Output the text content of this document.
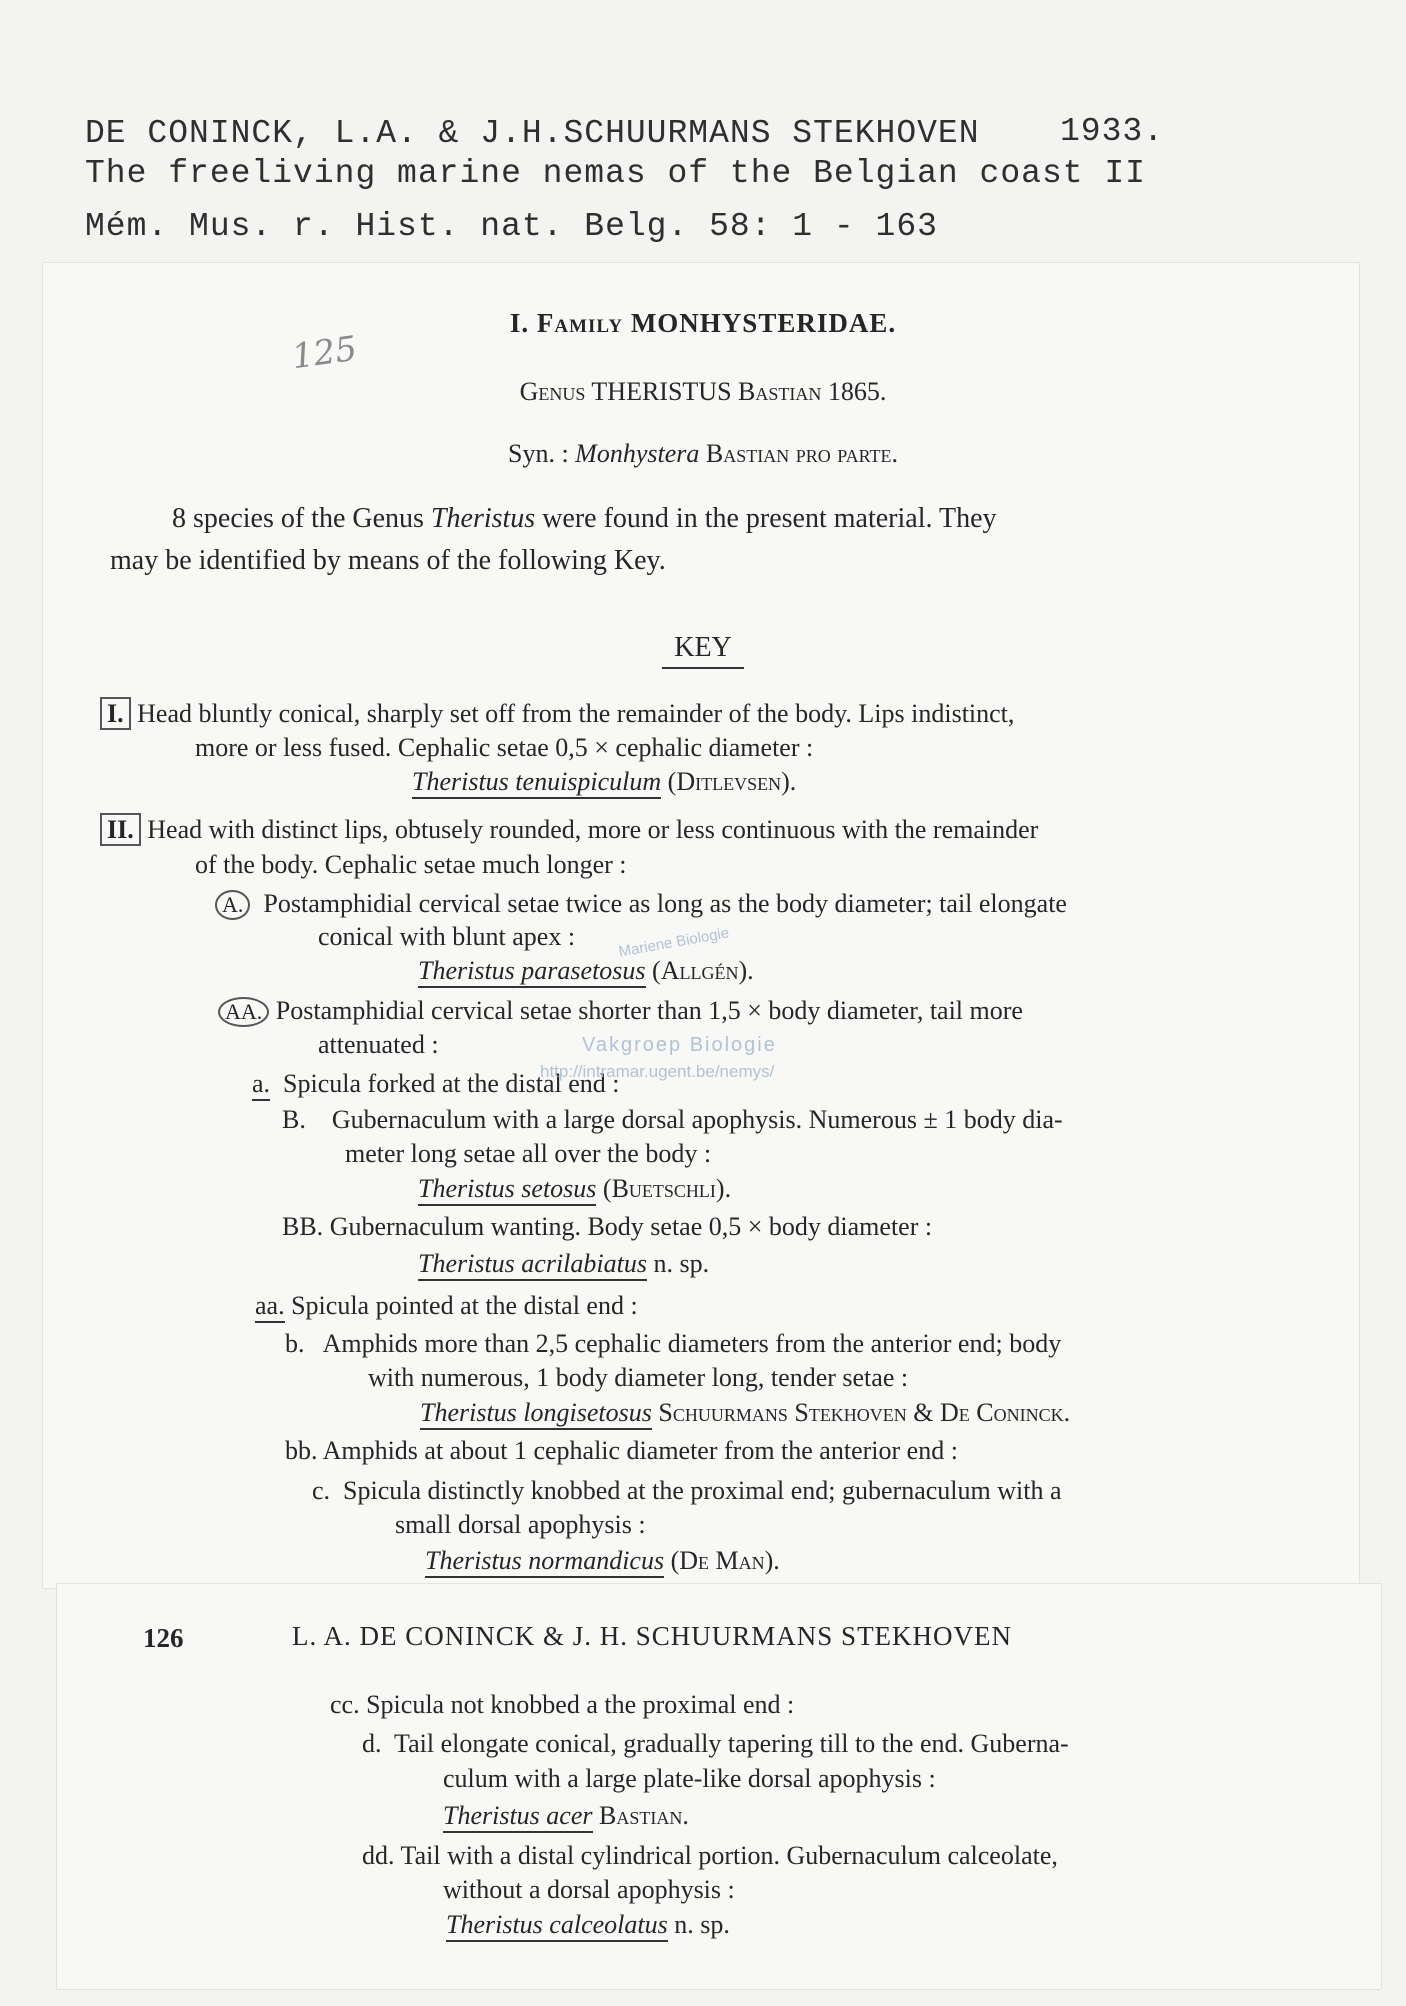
DE CONINCK, L.A. & J.H.SCHUURMANS STEKHOVEN 1933.
The freeliving marine nemas of the Belgian coast II
Mém. Mus. r. Hist. nat. Belg. 58: 1 - 163
125
I. Family MONHYSTERIDAE.
Genus THERISTUS Bastian 1865.
Syn. : Monhystera Bastian pro parte.
8 species of the Genus Theristus were found in the present material. They
may be identified by means of the following Key.
KEY
I. Head bluntly conical, sharply set off from the remainder of the body. Lips indistinct,
more or less fused. Cephalic setae 0,5 × cephalic diameter :
Theristus tenuispiculum (Ditlevsen).
II. Head with distinct lips, obtusely rounded, more or less continuous with the remainder
of the body. Cephalic setae much longer :
A. Postamphidial cervical setae twice as long as the body diameter; tail elongate
conical with blunt apex :
Theristus parasetosus (Allgén).
AA. Postamphidial cervical setae shorter than 1,5 × body diameter, tail more
attenuated :
a. Spicula forked at the distal end :
B. Gubernaculum with a large dorsal apophysis. Numerous ± 1 body dia-
meter long setae all over the body :
Theristus setosus (Buetschli).
BB. Gubernaculum wanting. Body setae 0,5 × body diameter :
Theristus acrilabiatus n. sp.
aa. Spicula pointed at the distal end :
b. Amphids more than 2,5 cephalic diameters from the anterior end; body
with numerous, 1 body diameter long, tender setae :
Theristus longisetosus Schuurmans Stekhoven & De Coninck.
bb. Amphids at about 1 cephalic diameter from the anterior end :
c. Spicula distinctly knobbed at the proximal end; gubernaculum with a
small dorsal apophysis :
Theristus normandicus (De Man).
Mariene Biologie
Vakgroep Biologie
http://intramar.ugent.be/nemys/
126	L. A. DE CONINCK & J. H. SCHUURMANS STEKHOVEN
cc. Spicula not knobbed a the proximal end :
d. Tail elongate conical, gradually tapering till to the end. Guberna-
culum with a large plate-like dorsal apophysis :
Theristus acer Bastian.
dd. Tail with a distal cylindrical portion. Gubernaculum calceolate,
without a dorsal apophysis :
Theristus calceolatus n. sp.
